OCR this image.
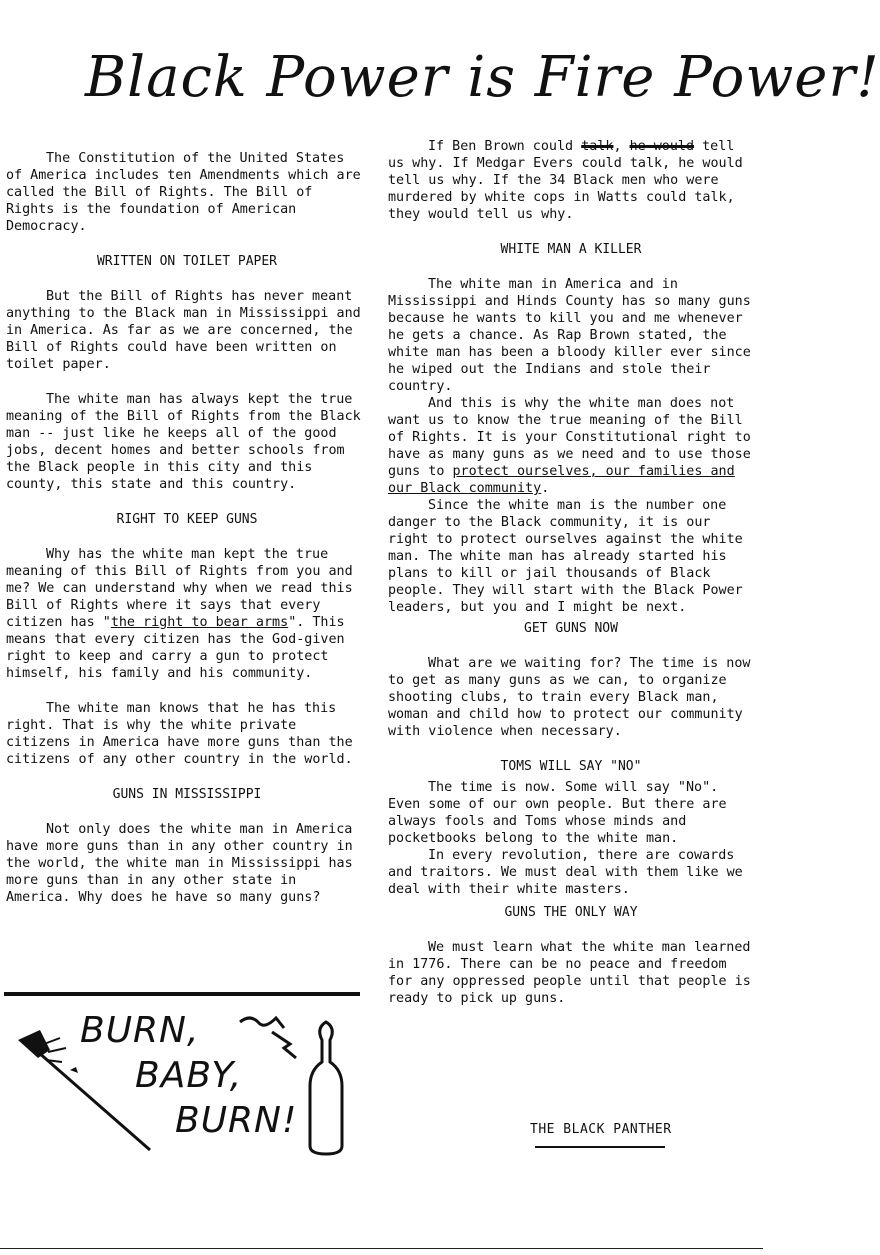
Black Power is Fire Power!

The Constitution of the United States of America includes ten Amendments which are called the Bill of Rights. The Bill of Rights is the foundation of American Democracy.

WRITTEN ON TOILET PAPER

But the Bill of Rights has never meant anything to the Black man in Mississippi and in America. As far as we are concerned, the Bill of Rights could have been written on toilet paper.

The white man has always kept the true meaning of the Bill of Rights from the Black man -- just like he keeps all of the good jobs, decent homes and better schools from the Black people in this city and this county, this state and this country.

RIGHT TO KEEP GUNS

Why has the white man kept the true meaning of this Bill of Rights from you and me? We can understand why when we read this Bill of Rights where it says that every citizen has "the right to bear arms". This means that every citizen has the God-given right to keep and carry a gun to protect himself, his family and his community.

The white man knows that he has this right. That is why the white private citizens in America have more guns than the citizens of any other country in the world.

GUNS IN MISSISSIPPI

Not only does the white man in America have more guns than in any other country in the world, the white man in Mississippi has more guns than in any other state in America. Why does he have so many guns?

If Ben Brown could talk, he would tell us why. If Medgar Evers could talk, he would tell us why. If the 34 Black men who were murdered by white cops in Watts could talk, they would tell us why.

WHITE MAN A KILLER

The white man in America and in Mississippi and Hinds County has so many guns because he wants to kill you and me whenever he gets a chance. As Rap Brown stated, the white man has been a bloody killer ever since he wiped out the Indians and stole their country.

And this is why the white man does not want us to know the true meaning of the Bill of Rights. It is your Constitutional right to have as many guns as we need and to use those guns to protect ourselves, our families and our Black community.

Since the white man is the number one danger to the Black community, it is our right to protect ourselves against the white man. The white man has already started his plans to kill or jail thousands of Black people. They will start with the Black Power leaders, but you and I might be next.

GET GUNS NOW

What are we waiting for? The time is now to get as many guns as we can, to organize shooting clubs, to train every Black man, woman and child how to protect our community with violence when necessary.

TOMS WILL SAY "NO"

The time is now. Some will say "No". Even some of our own people. But there are always fools and Toms whose minds and pocketbooks belong to the white man.

In every revolution, there are cowards and traitors. We must deal with them like we deal with their white masters.

GUNS THE ONLY WAY

We must learn what the white man learned in 1776. There can be no peace and freedom for any oppressed people until that people is ready to pick up guns.

BURN,
BABY,
BURN!	THE BLACK PANTHER
